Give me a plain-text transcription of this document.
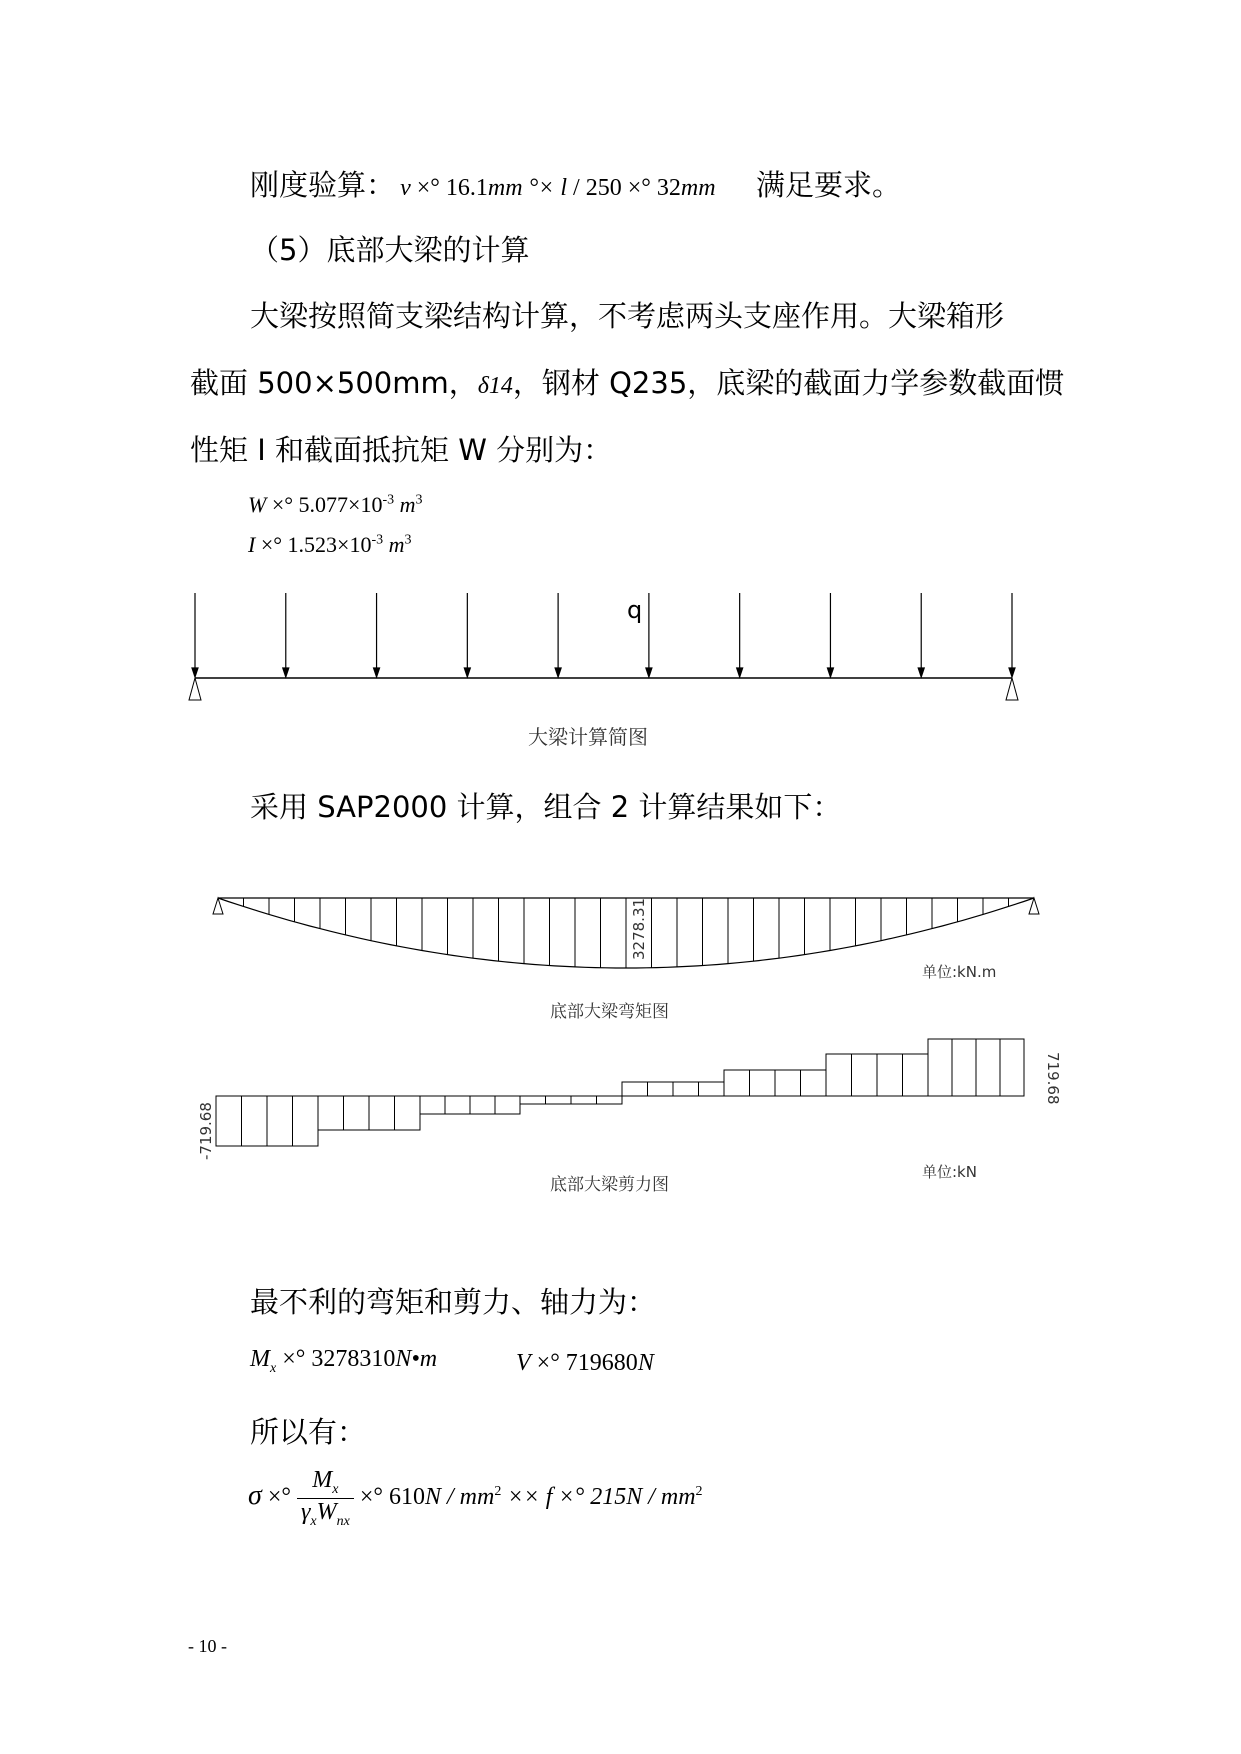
刚度验算： v ×° 16.1mm °× l / 250 ×° 32mm 满足要求。
（5）底部大梁的计算
大梁按照简支梁结构计算，不考虑两头支座作用。大梁箱形
截面 500×500mm，δ14，钢材 Q235，底梁的截面力学参数截面惯
性矩 I 和截面抵抗矩 W 分别为：
W ×° $5.077\times 10^{-3}$ $m^3$
I ×° $1.523\times 10^{-3}$ $m^3$
q
大梁计算简图
采用 SAP2000 计算，组合 2 计算结果如下：
3278.31
单位:kN.m
底部大梁弯矩图
-719.68
719.68
单位:kN
底部大梁剪力图
最不利的弯矩和剪力、轴力为：
$M_x$ ×° 3278310N•m	V ×° 719680N
所以有：
σ ×° $\frac{M_x}{\gamma_xW_{nx}}$ ×° $610N / mm^2 \times\times f$ ×° $215N / mm^2$
- 10 -
